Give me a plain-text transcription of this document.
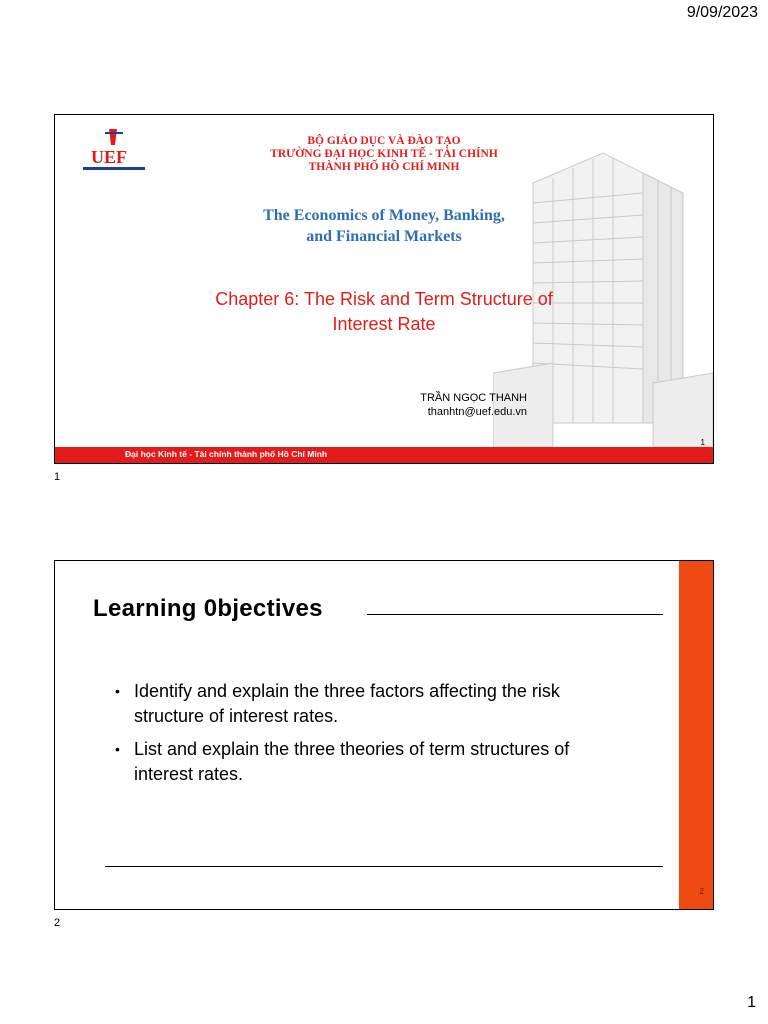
9/09/2023
UEF
BỘ GIÁO DỤC VÀ ĐÀO TẠO
TRƯỜNG ĐẠI HỌC KINH TẾ - TÀI CHÍNH
THÀNH PHỐ HỒ CHÍ MINH
The Economics of Money, Banking,
and Financial Markets
Chapter 6: The Risk and Term Structure of
Interest Rate
TRẦN NGỌC THANH
thanhtn@uef.edu.vn
1
Đại học Kinh tế - Tài chính thành phố Hồ Chí Minh
1
2
Learning 0bjectives
• Identify and explain the three factors affecting the risk structure of interest rates.
• List and explain the three theories of term structures of interest rates.
2
1
